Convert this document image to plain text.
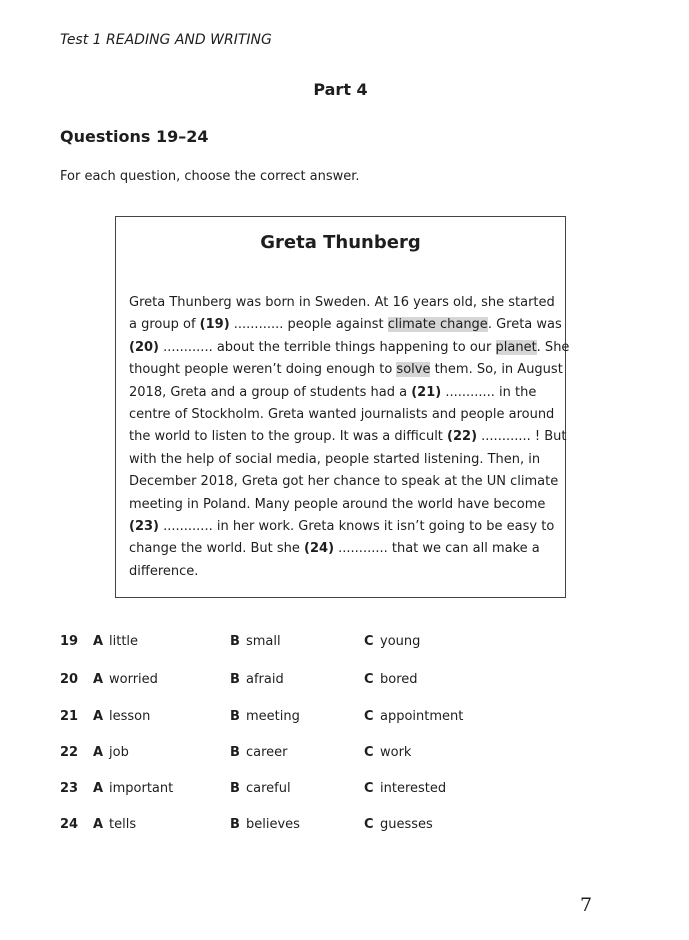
Test 1 READING AND WRITING
Part 4
Questions 19–24
For each question, choose the correct answer.
Greta Thunberg
Greta Thunberg was born in Sweden. At 16 years old, she started
a group of (19) ............ people against climate change. Greta was
(20) ............ about the terrible things happening to our planet. She
thought people weren’t doing enough to solve them. So, in August
2018, Greta and a group of students had a (21) ............ in the
centre of Stockholm. Greta wanted journalists and people around
the world to listen to the group. It was a difficult (22) ............ ! But
with the help of social media, people started listening. Then, in
December 2018, Greta got her chance to speak at the UN climate
meeting in Poland. Many people around the world have become
(23) ............ in her work. Greta knows it isn’t going to be easy to
change the world. But she (24) ............ that we can all make a
difference.
19 A little	B small	C young
20 A worried	B afraid	C bored
21 A lesson	B meeting	C appointment
22 A job	B career	C work
23 A important	B careful	C interested
24 A tells	B believes	C guesses
7
